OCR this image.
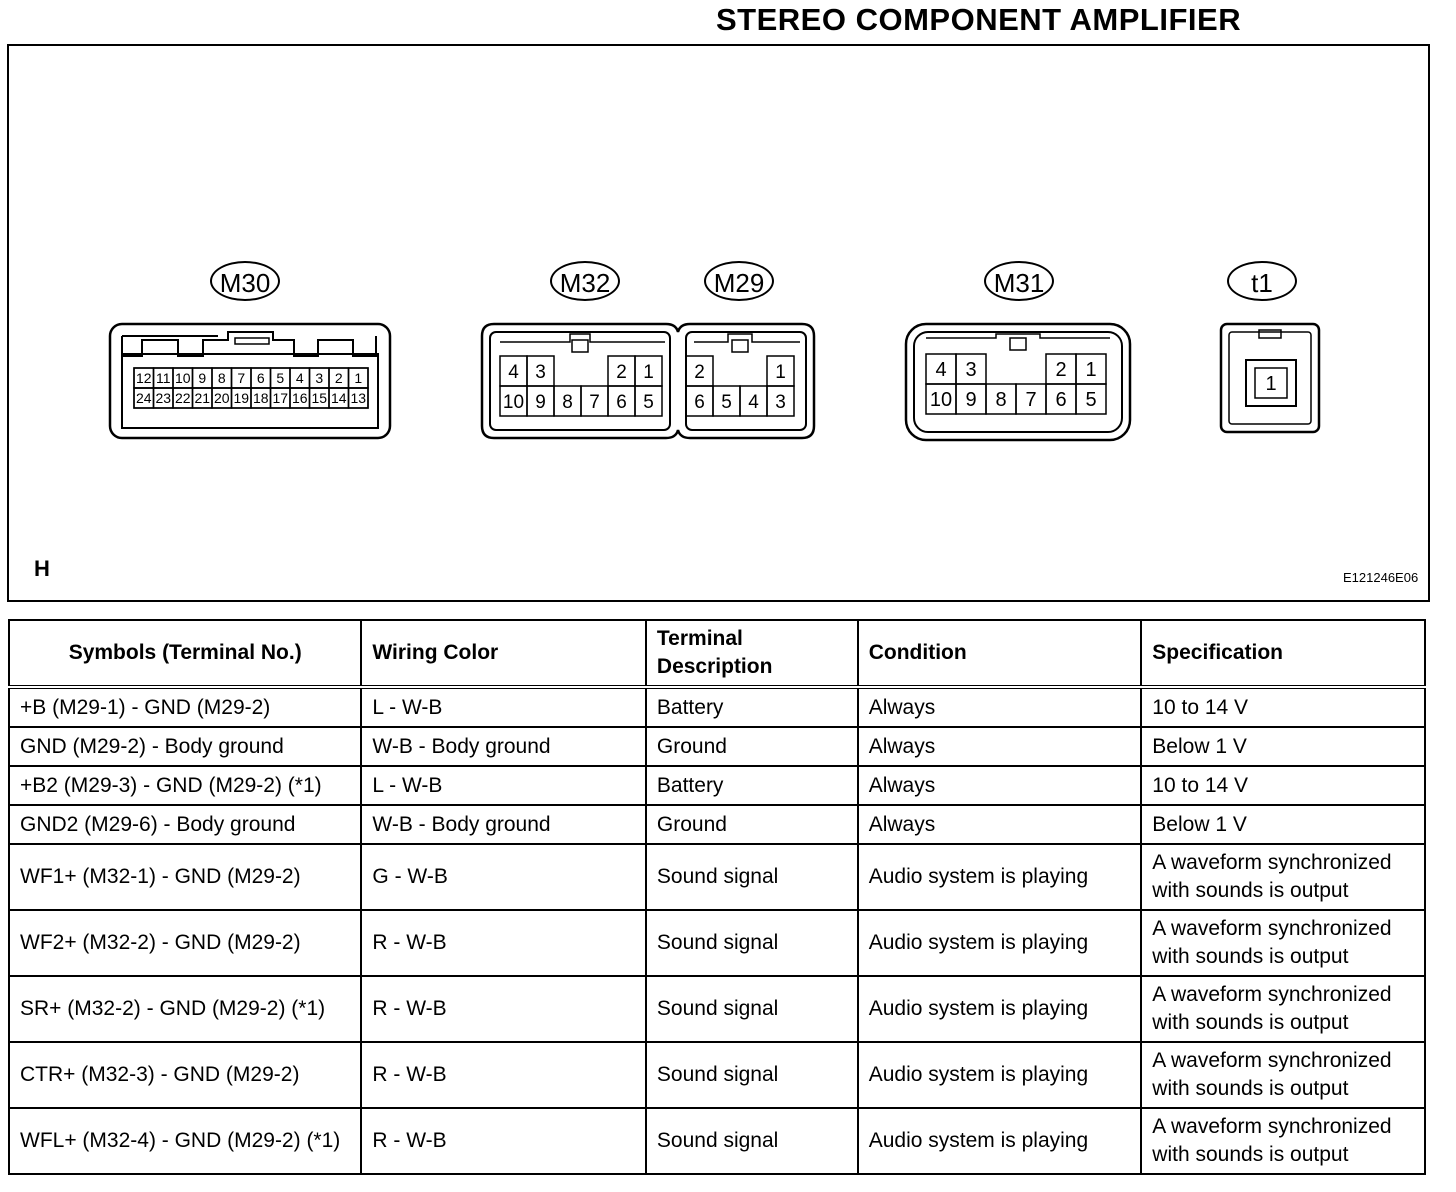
STEREO COMPONENT AMPLIFIER
M30	M32	M29	M31	t1
12 11 10 9 8 7 6 5 4 3 2 1
24 23 22 21 20 19 18 17 16 15 14 13
4 3	2 1
10 9 8 7 6 5
2	1
6 5 4 3
4 3	2 1
10 9 8 7 6 5
1
H	E121246E06
Symbols (Terminal No.)	Wiring Color	Terminal Description	Condition	Specification
+B (M29-1) - GND (M29-2)	L - W-B	Battery	Always	10 to 14 V
GND (M29-2) - Body ground	W-B - Body ground	Ground	Always	Below 1 V
+B2 (M29-3) - GND (M29-2) (*1)	L - W-B	Battery	Always	10 to 14 V
GND2 (M29-6) - Body ground	W-B - Body ground	Ground	Always	Below 1 V
WF1+ (M32-1) - GND (M29-2)	G - W-B	Sound signal	Audio system is playing	A waveform synchronized with sounds is output
WF2+ (M32-2) - GND (M29-2)	R - W-B	Sound signal	Audio system is playing	A waveform synchronized with sounds is output
SR+ (M32-2) - GND (M29-2) (*1)	R - W-B	Sound signal	Audio system is playing	A waveform synchronized with sounds is output
CTR+ (M32-3) - GND (M29-2)	R - W-B	Sound signal	Audio system is playing	A waveform synchronized with sounds is output
WFL+ (M32-4) - GND (M29-2) (*1)	R - W-B	Sound signal	Audio system is playing	A waveform synchronized with sounds is output
